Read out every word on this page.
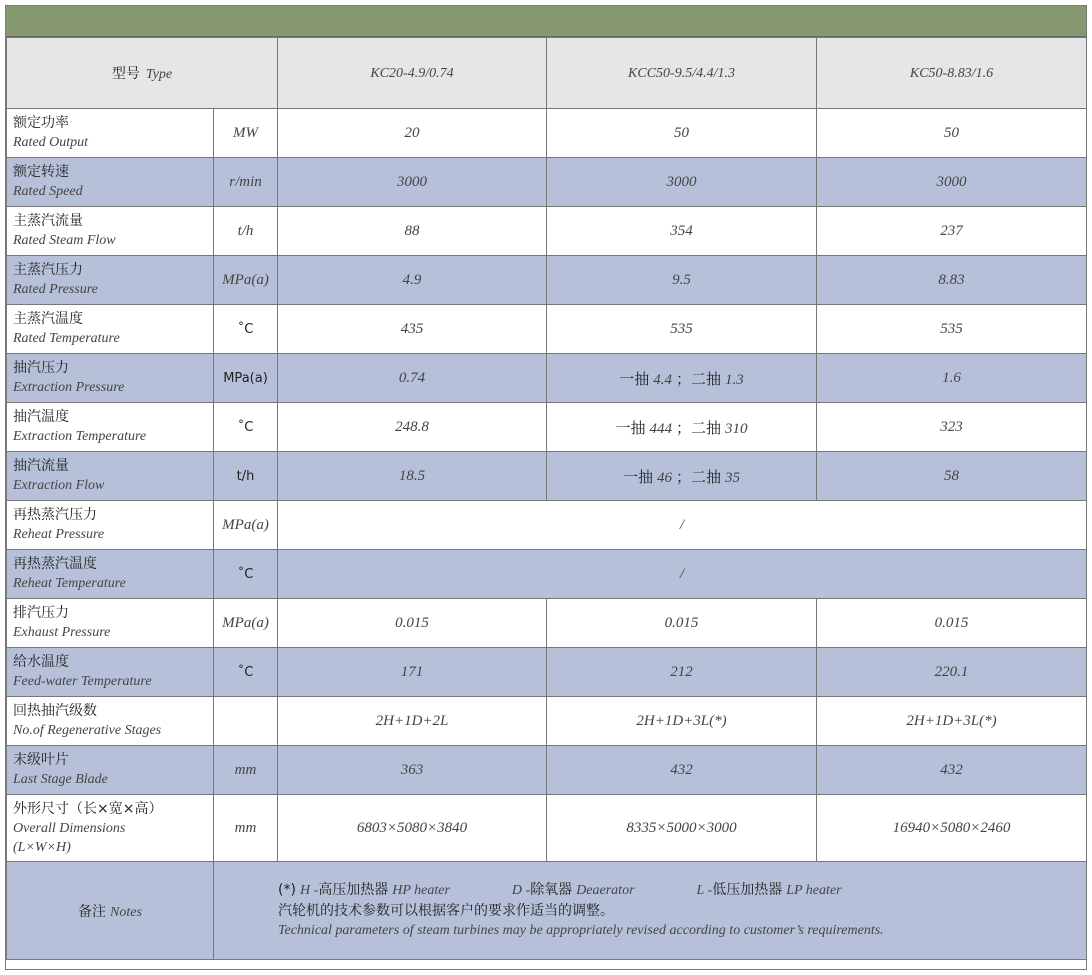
型号 Type		KC20-4.9/0.74	KCC50-9.5/4.4/1.3	KC50-8.83/1.6

额定功率
Rated Output	MW	20	50	50

额定转速
Rated Speed	r/min	3000	3000	3000

主蒸汽流量
Rated Steam Flow	t/h	88	354	237

主蒸汽压力
Rated Pressure	MPa(a)	4.9	9.5	8.83

主蒸汽温度
Rated Temperature	˚C	435	535	535

抽汽压力
Extraction Pressure	MPa(a)	0.74	一抽 4.4 ；二抽 1.3	1.6

抽汽温度
Extraction Temperature	˚C	248.8	一抽 444 ；二抽 310	323

抽汽流量
Extraction Flow	t/h	18.5	一抽 46 ；二抽 35	58

再热蒸汽压力
Reheat Pressure	MPa(a)	/		

再热蒸汽温度
Reheat Temperature	˚C	/		

排汽压力
Exhaust Pressure	MPa(a)	0.015	0.015	0.015

给水温度
Feed-water Temperature	˚C	171	212	220.1

回热抽汽级数
No.of Regenerative Stages		2H+1D+2L	2H+1D+3L(*)	2H+1D+3L(*)

末级叶片
Last Stage Blade	mm	363	432	432

外形尺寸（长×宽×高）
Overall Dimensions
(L×W×H)	mm	6803×5080×3840	8335×5000×3000	16940×5080×2460
备注 Notes	(*) H -高压加热器 HP heater D -除氧器 Deaerator L -低压加热器 LP heater
汽轮机的技术参数可以根据客户的要求作适当的调整。
Technical parameters of steam turbines may be appropriately revised according to customer’s requirements.			
